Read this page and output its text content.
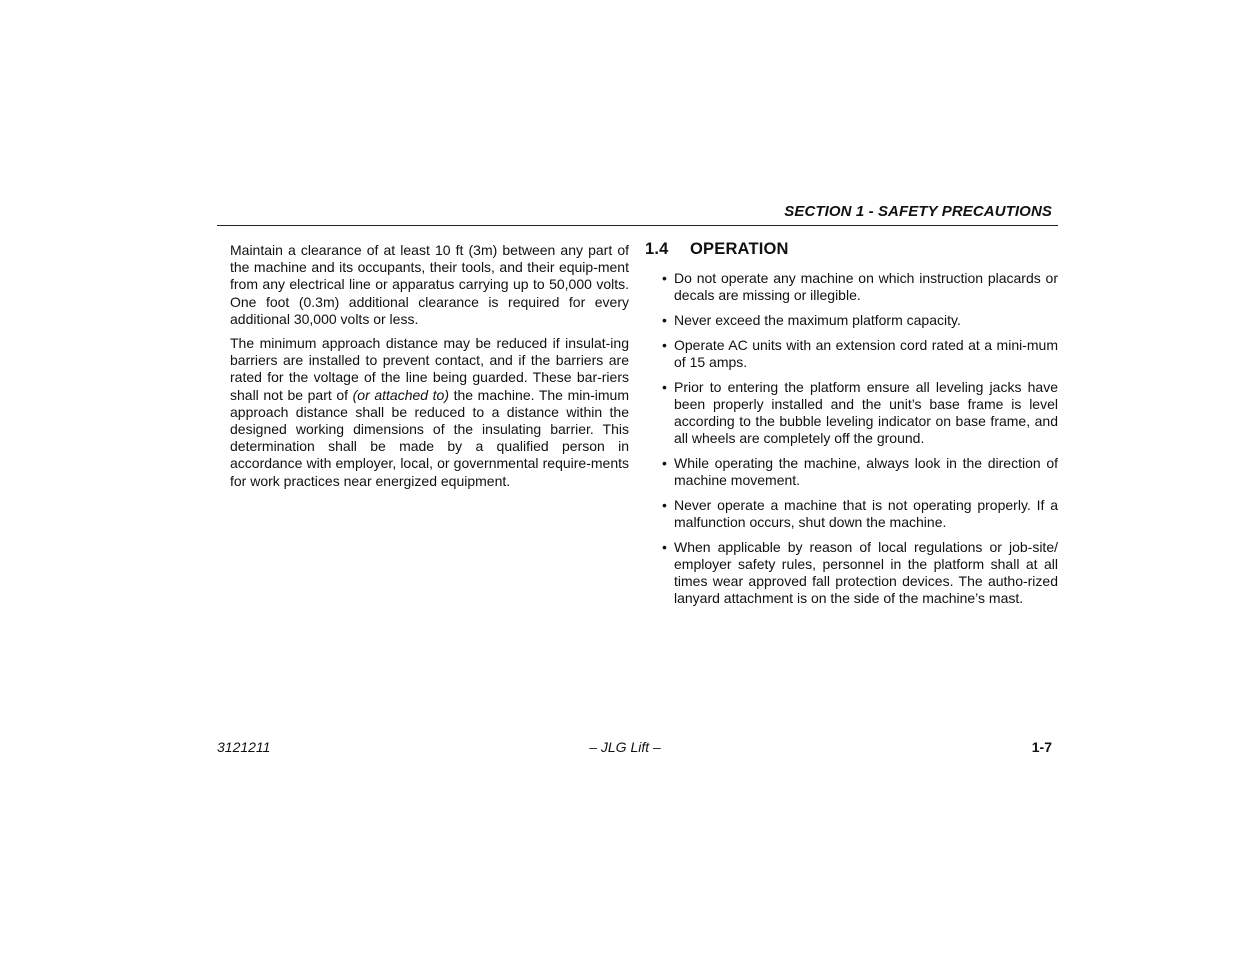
SECTION 1 - SAFETY PRECAUTIONS

Maintain a clearance of at least 10 ft (3m) between any part of the machine and its occupants, their tools, and their equip-ment from any electrical line or apparatus carrying up to 50,000 volts. One foot (0.3m) additional clearance is required for every additional 30,000 volts or less.

The minimum approach distance may be reduced if insulat-ing barriers are installed to prevent contact, and if the barriers are rated for the voltage of the line being guarded. These bar-riers shall not be part of (or attached to) the machine. The min-imum approach distance shall be reduced to a distance within the designed working dimensions of the insulating barrier. This determination shall be made by a qualified person in accordance with employer, local, or governmental require-ments for work practices near energized equipment.

1.4	OPERATION
• Do not operate any machine on which instruction placards or decals are missing or illegible.
• Never exceed the maximum platform capacity.
• Operate AC units with an extension cord rated at a mini-mum of 15 amps.
• Prior to entering the platform ensure all leveling jacks have been properly installed and the unit’s base frame is level according to the bubble leveling indicator on base frame, and all wheels are completely off the ground.
• While operating the machine, always look in the direction of machine movement.
• Never operate a machine that is not operating properly. If a malfunction occurs, shut down the machine.
• When applicable by reason of local regulations or job-site/ employer safety rules, personnel in the platform shall at all times wear approved fall protection devices. The autho-rized lanyard attachment is on the side of the machine’s mast.
3121211	– JLG Lift –	1-7
